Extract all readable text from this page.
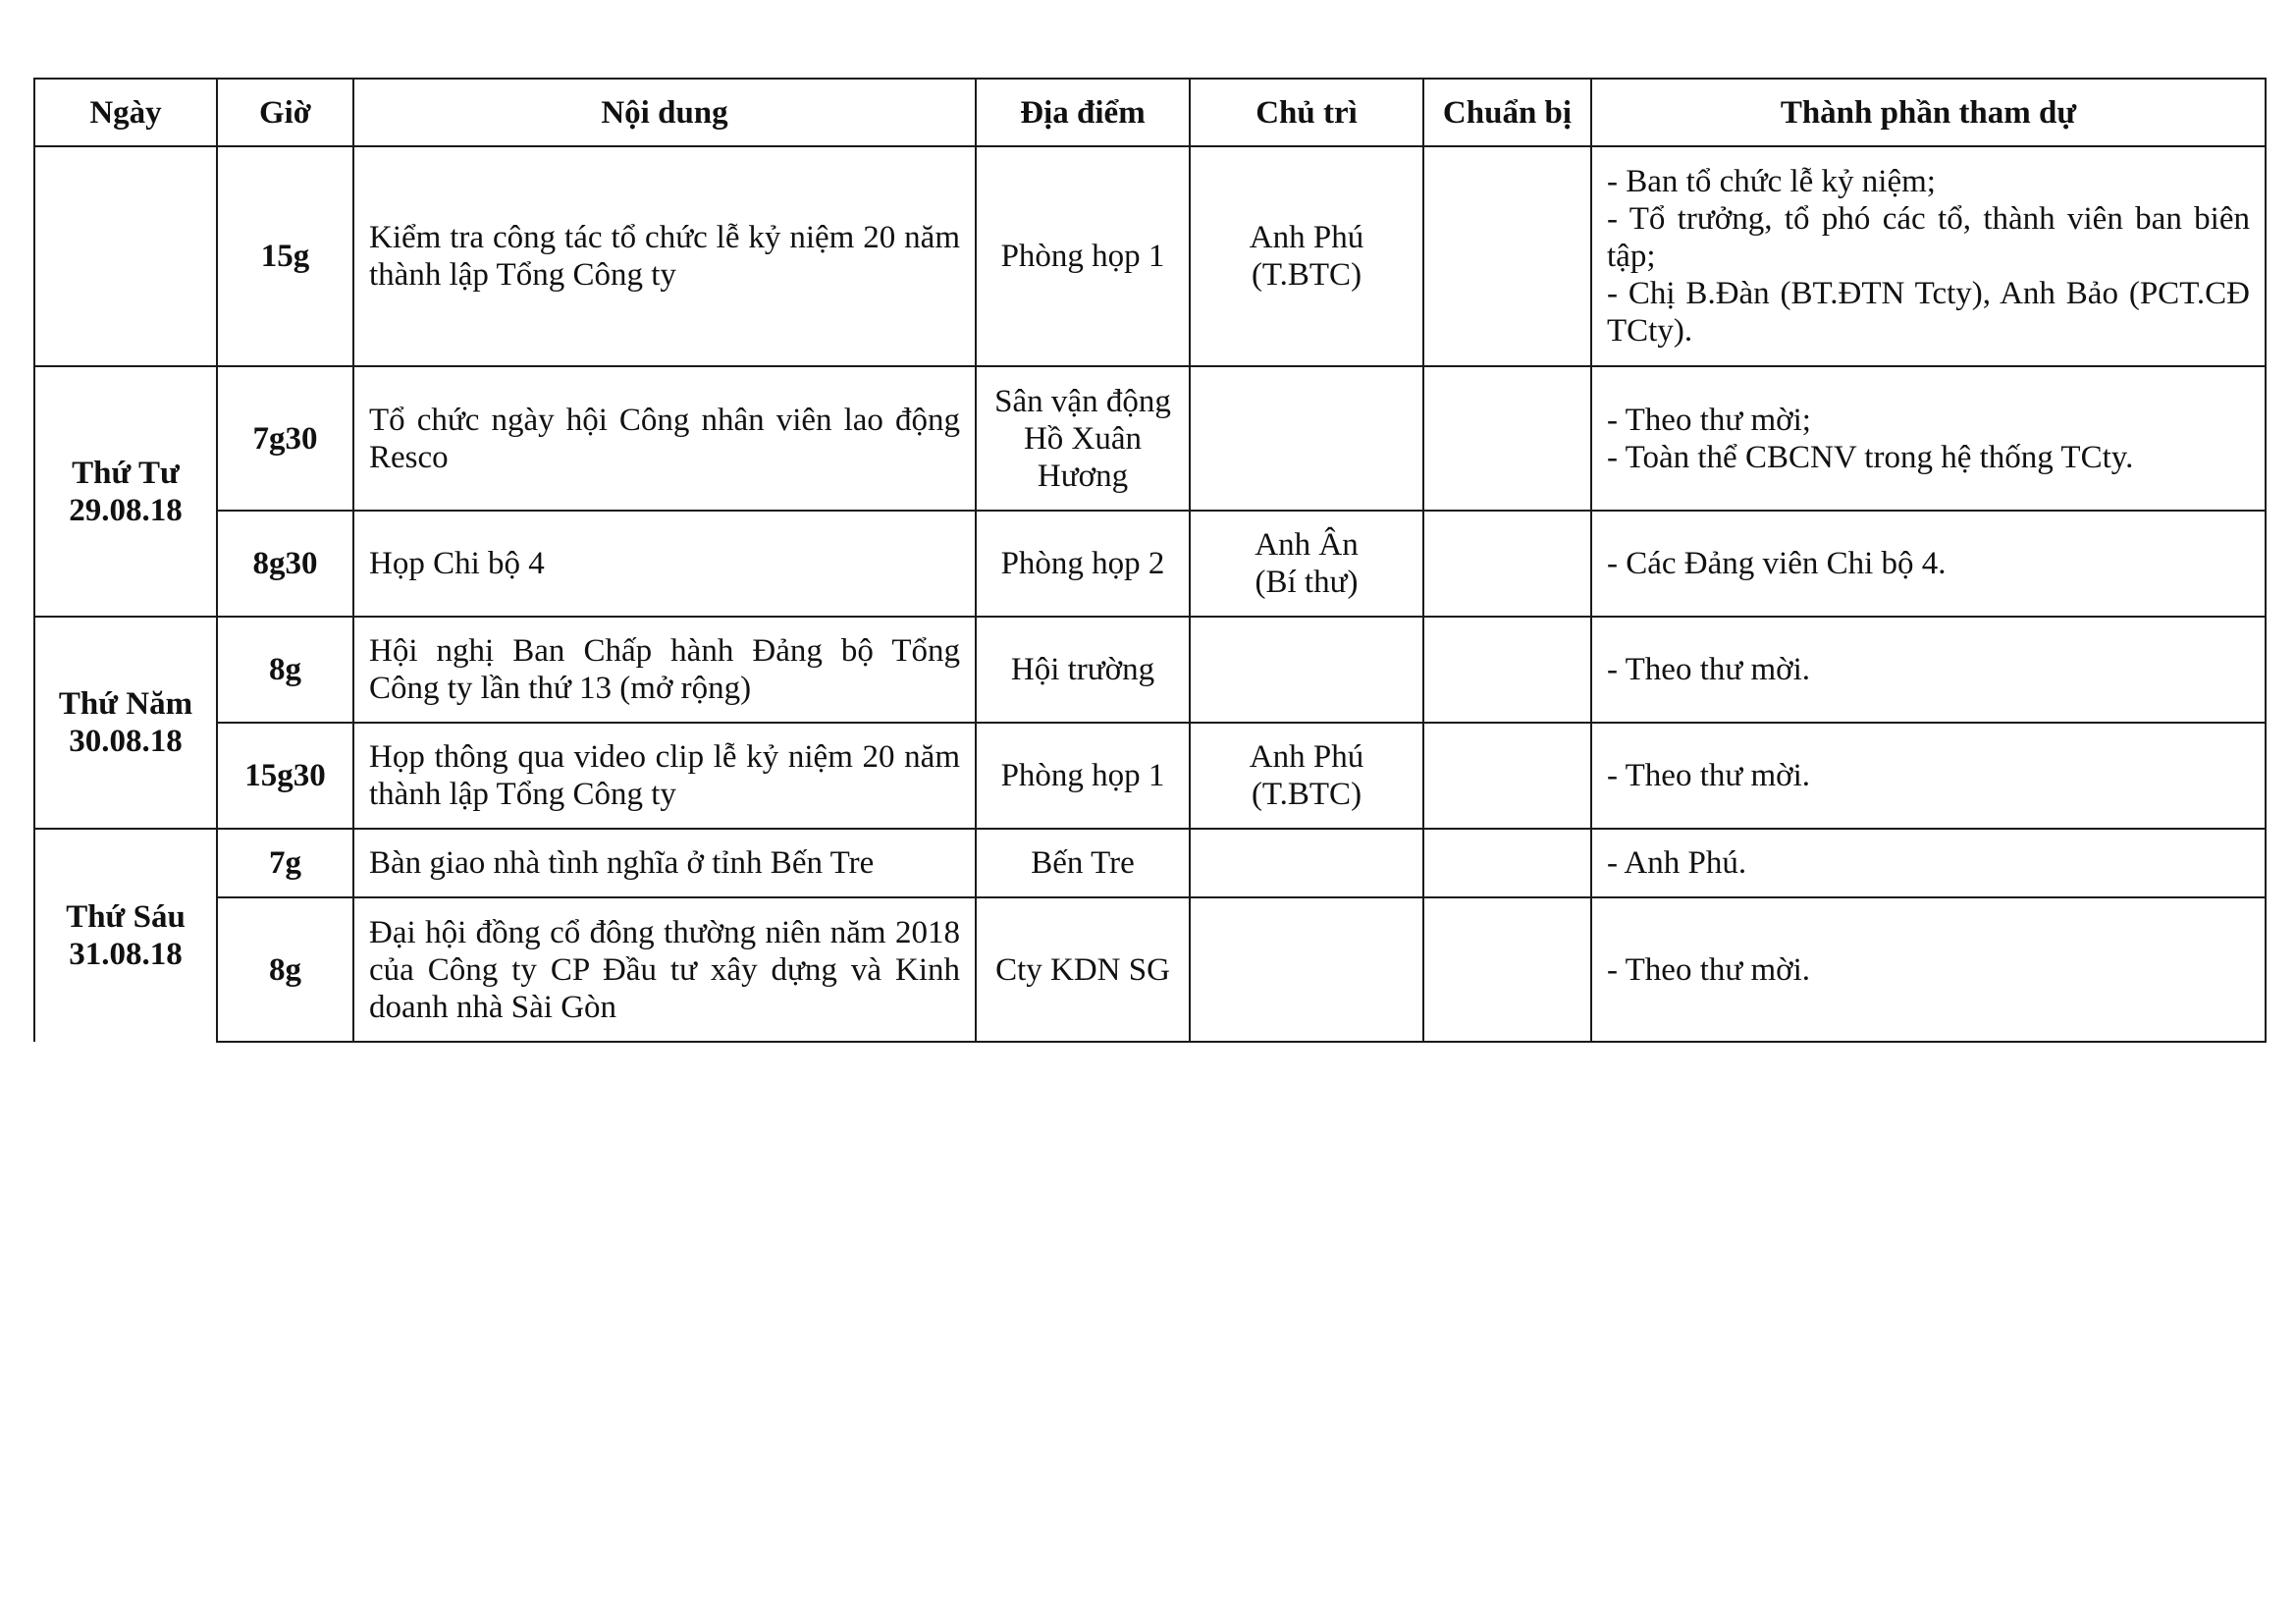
Ngày	Giờ	Nội dung	Địa điểm	Chủ trì	Chuẩn bị	Thành phần tham dự
	15g	Kiểm tra công tác tổ chức lễ kỷ niệm 20 năm thành lập Tổng Công ty	Phòng họp 1	Anh Phú
(T.BTC)		- Ban tổ chức lễ kỷ niệm;
- Tổ trưởng, tổ phó các tổ, thành viên ban biên tập;
- Chị B.Đàn (BT.ĐTN Tcty), Anh Bảo (PCT.CĐ TCty).

Thứ Tư
29.08.18	7g30	Tổ chức ngày hội Công nhân viên lao động Resco	Sân vận động
Hồ Xuân
Hương			- Theo thư mời;
- Toàn thể CBCNV trong hệ thống TCty.

	8g30	Họp Chi bộ 4	Phòng họp 2	Anh Ân
(Bí thư)		- Các Đảng viên Chi bộ 4.

Thứ Năm
30.08.18	8g	Hội nghị Ban Chấp hành Đảng bộ Tổng Công ty lần thứ 13 (mở rộng)	Hội trường			- Theo thư mời.

	15g30	Họp thông qua video clip lễ kỷ niệm 20 năm thành lập Tổng Công ty	Phòng họp 1	Anh Phú
(T.BTC)		- Theo thư mời.

Thứ Sáu
31.08.18	7g	Bàn giao nhà tình nghĩa ở tỉnh Bến Tre	Bến Tre			- Anh Phú.

	8g	Đại hội đồng cổ đông thường niên năm 2018 của Công ty CP Đầu tư xây dựng và Kinh doanh nhà Sài Gòn	Cty KDN SG			- Theo thư mời.
